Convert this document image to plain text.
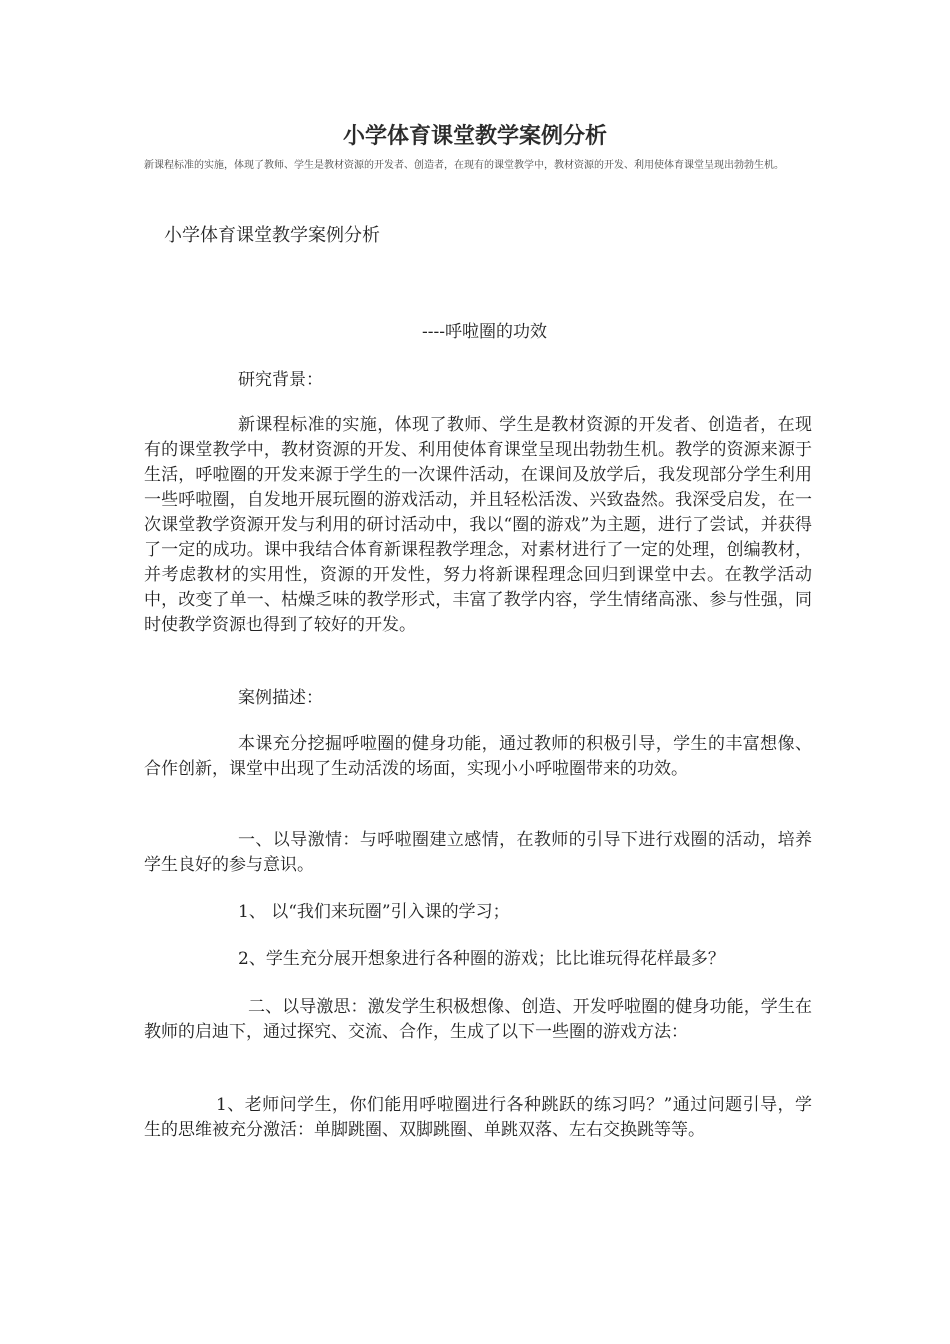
小学体育课堂教学案例分析

新课程标准的实施，体现了教师、学生是教材资源的开发者、创造者，在现有的课堂教学中，教材资源的开发、利用使体育课堂呈现出勃勃生机。

小学体育课堂教学案例分析

----呼啦圈的功效

研究背景：

新课程标准的实施，体现了教师、学生是教材资源的开发者、创造者，在现有的课堂教学中，教材资源的开发、利用使体育课堂呈现出勃勃生机。教学的资源来源于生活，呼啦圈的开发来源于学生的一次课件活动，在课间及放学后，我发现部分学生利用一些呼啦圈，自发地开展玩圈的游戏活动，并且轻松活泼、兴致盎然。我深受启发，在一次课堂教学资源开发与利用的研讨活动中，我以“圈的游戏”为主题，进行了尝试，并获得了一定的成功。课中我结合体育新课程教学理念，对素材进行了一定的处理，创编教材，并考虑教材的实用性，资源的开发性，努力将新课程理念回归到课堂中去。在教学活动中，改变了单一、枯燥乏味的教学形式，丰富了教学内容，学生情绪高涨、参与性强，同时使教学资源也得到了较好的开发。

案例描述：

本课充分挖掘呼啦圈的健身功能，通过教师的积极引导，学生的丰富想像、合作创新，课堂中出现了生动活泼的场面，实现小小呼啦圈带来的功效。

一、以导激情：与呼啦圈建立感情，在教师的引导下进行戏圈的活动，培养学生良好的参与意识。

1、 以“我们来玩圈”引入课的学习；

2、学生充分展开想象进行各种圈的游戏；比比谁玩得花样最多？

二、以导激思：激发学生积极想像、创造、开发呼啦圈的健身功能，学生在教师的启迪下，通过探究、交流、合作，生成了以下一些圈的游戏方法：

1、老师问学生，你们能用呼啦圈进行各种跳跃的练习吗？”通过问题引导，学生的思维被充分激活：单脚跳圈、双脚跳圈、单跳双落、左右交换跳等等。
